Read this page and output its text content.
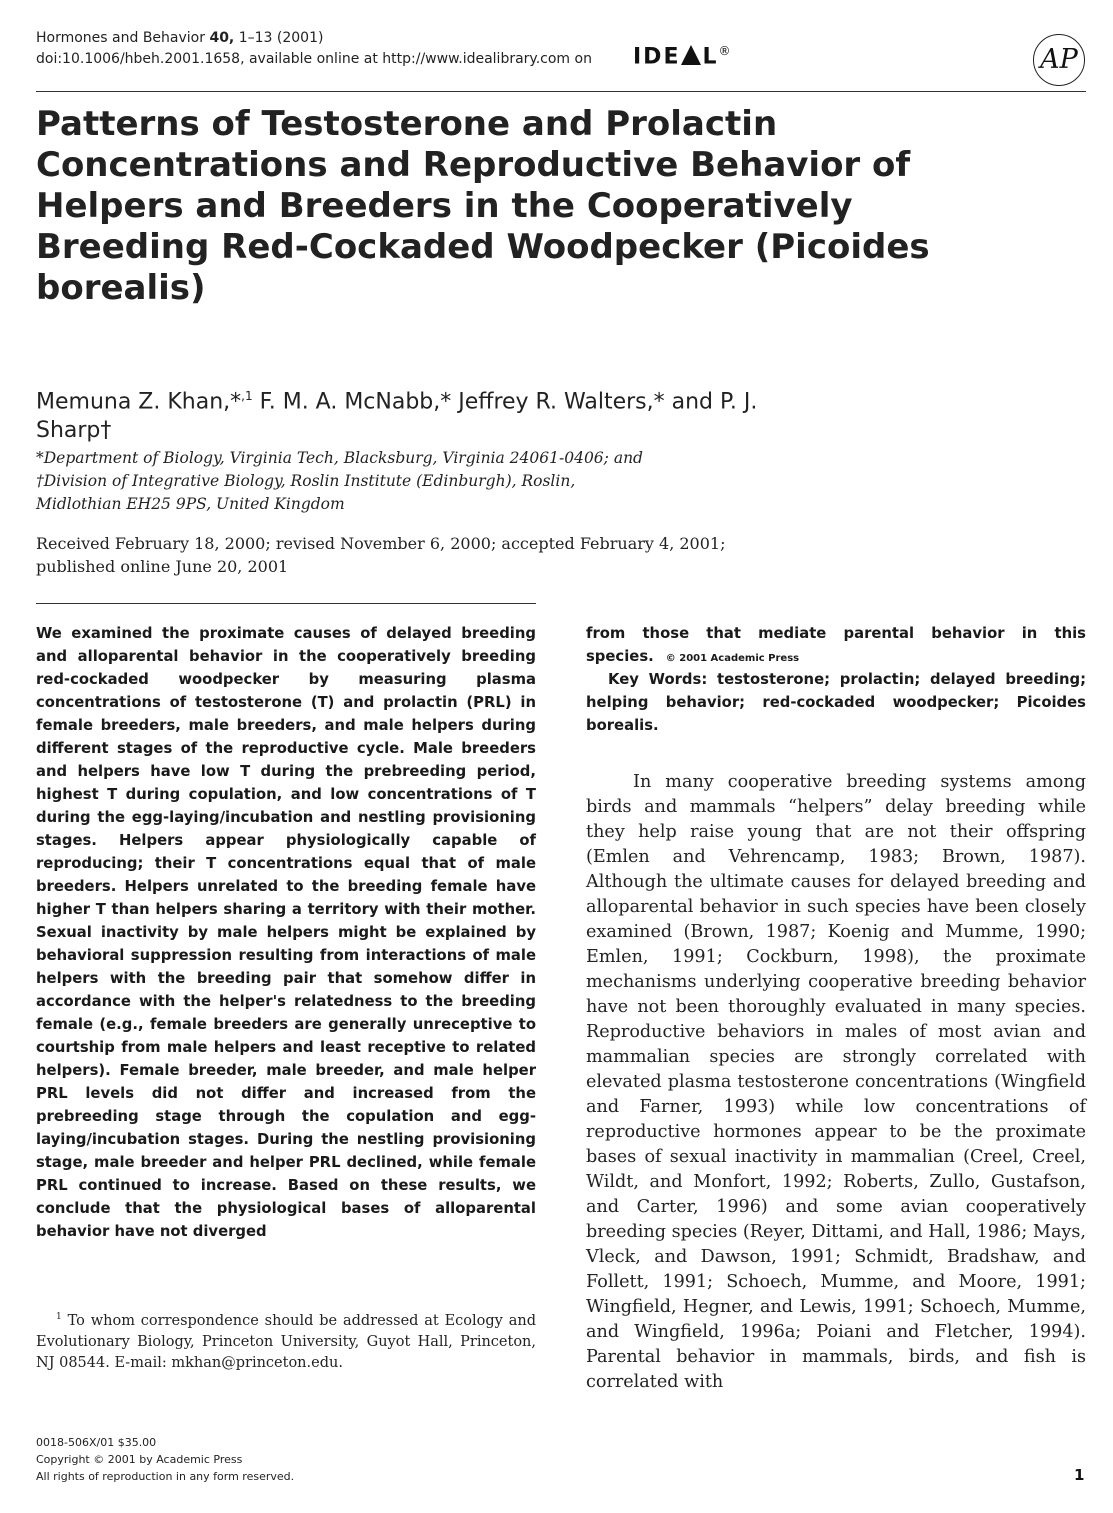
Hormones and Behavior 40, 1–13 (2001)
doi:10.1006/hbeh.2001.1658, available online at http://www.idealibrary.com on IDE L®	AP
Patterns of Testosterone and Prolactin Concentrations and Reproductive Behavior of Helpers and Breeders in the Cooperatively Breeding Red-Cockaded Woodpecker (Picoides borealis)
Memuna Z. Khan,*$^{,1}$ F. M. A. McNabb,* Jeffrey R. Walters,* and P. J. Sharp†
*Department of Biology, Virginia Tech, Blacksburg, Virginia 24061-0406; and
†Division of Integrative Biology, Roslin Institute (Edinburgh), Roslin,
Midlothian EH25 9PS, United Kingdom
Received February 18, 2000; revised November 6, 2000; accepted February 4, 2001; published online June 20, 2001
We examined the proximate causes of delayed breeding and alloparental behavior in the cooperatively breeding red-cockaded woodpecker by measuring plasma concentrations of testosterone (T) and prolactin (PRL) in female breeders, male breeders, and male helpers during different stages of the reproductive cycle. Male breeders and helpers have low T during the prebreeding period, highest T during copulation, and low concentrations of T during the egg-laying/incubation and nestling provisioning stages. Helpers appear physiologically capable of reproducing; their T concentrations equal that of male breeders. Helpers unrelated to the breeding female have higher T than helpers sharing a territory with their mother. Sexual inactivity by male helpers might be explained by behavioral suppression resulting from interactions of male helpers with the breeding pair that somehow differ in accordance with the helper's relatedness to the breeding female (e.g., female breeders are generally unreceptive to courtship from male helpers and least receptive to related helpers). Female breeder, male breeder, and male helper PRL levels did not differ and increased from the prebreeding stage through the copulation and egg-laying/incubation stages. During the nestling provisioning stage, male breeder and helper PRL declined, while female PRL continued to increase. Based on these results, we conclude that the physiological bases of alloparental behavior have not diverged
from those that mediate parental behavior in this species. © 2001 Academic Press
Key Words: testosterone; prolactin; delayed breeding; helping behavior; red-cockaded woodpecker; Picoides borealis.
In many cooperative breeding systems among birds and mammals “helpers” delay breeding while they help raise young that are not their offspring (Emlen and Vehrencamp, 1983; Brown, 1987). Although the ultimate causes for delayed breeding and alloparental behavior in such species have been closely examined (Brown, 1987; Koenig and Mumme, 1990; Emlen, 1991; Cockburn, 1998), the proximate mechanisms underlying cooperative breeding behavior have not been thoroughly evaluated in many species. Reproductive behaviors in males of most avian and mammalian species are strongly correlated with elevated plasma testosterone concentrations (Wingfield and Farner, 1993) while low concentrations of reproductive hormones appear to be the proximate bases of sexual inactivity in mammalian (Creel, Creel, Wildt, and Monfort, 1992; Roberts, Zullo, Gustafson, and Carter, 1996) and some avian cooperatively breeding species (Reyer, Dittami, and Hall, 1986; Mays, Vleck, and Dawson, 1991; Schmidt, Bradshaw, and Follett, 1991; Schoech, Mumme, and Moore, 1991; Wingfield, Hegner, and Lewis, 1991; Schoech, Mumme, and Wingfield, 1996a; Poiani and Fletcher, 1994). Parental behavior in mammals, birds, and fish is correlated with
$^1$ To whom correspondence should be addressed at Ecology and Evolutionary Biology, Princeton University, Guyot Hall, Princeton, NJ 08544. E-mail: mkhan@princeton.edu.
0018-506X/01 $35.00
Copyright © 2001 by Academic Press
All rights of reproduction in any form reserved.	1
